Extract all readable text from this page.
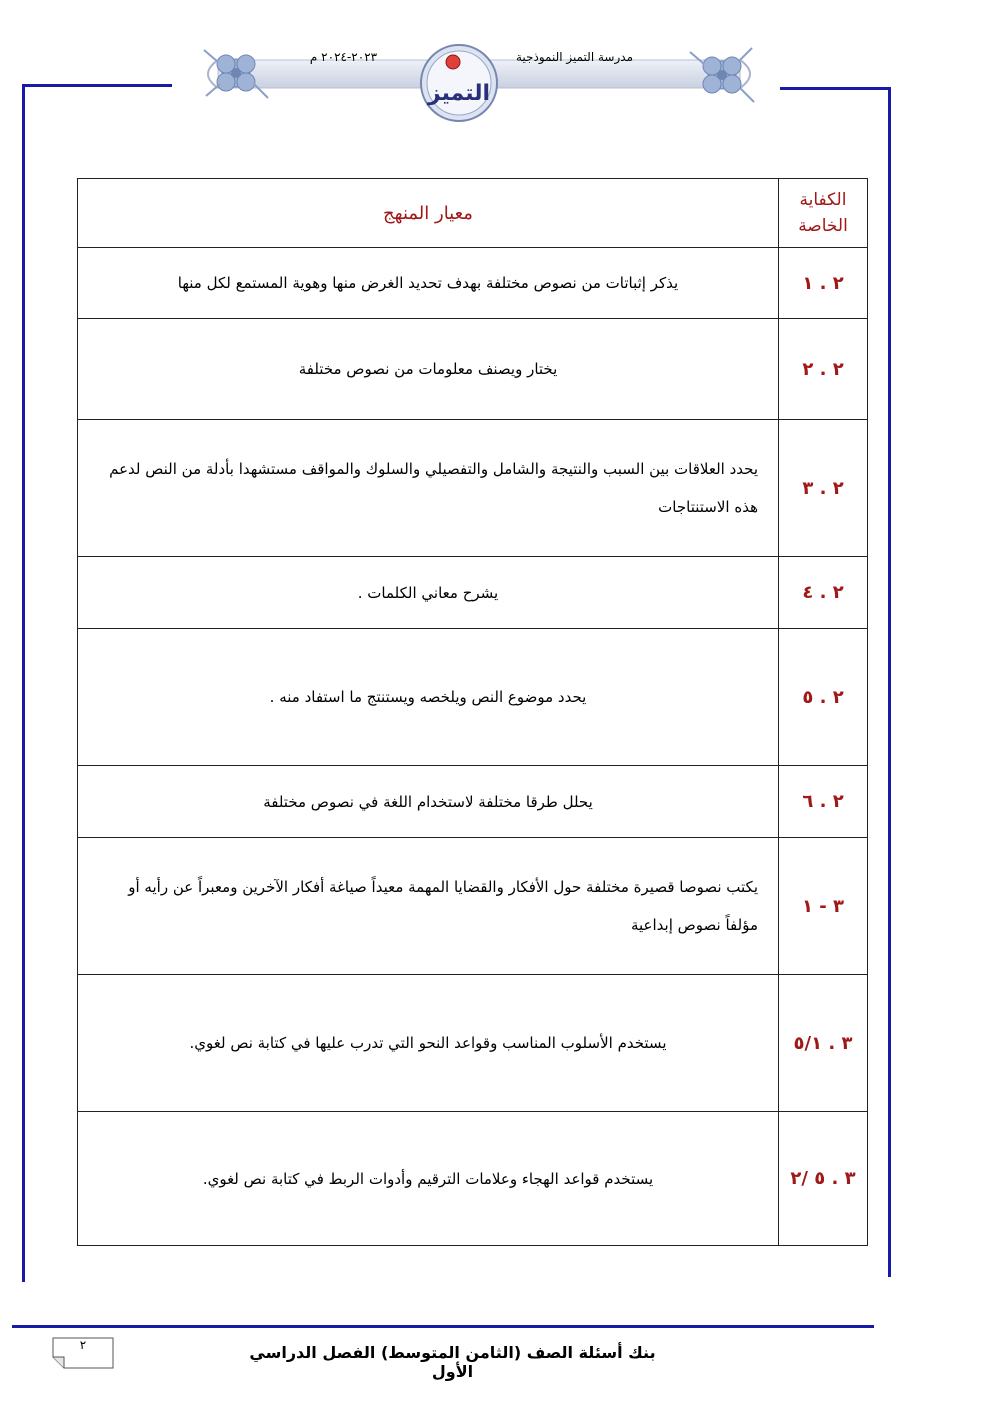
مدرسة التميز النموذجية
٢٠٢٣-٢٠٢٤ م
التميز
الكفاية الخاصة	معيار المنهج
٢ . ١	يذكر إثباتات من نصوص مختلفة بهدف تحديد الغرض منها وهوية المستمع لكل منها
٢ . ٢	يختار ويصنف معلومات من نصوص مختلفة
٢ . ٣	يحدد العلاقات بين السبب والنتيجة والشامل والتفصيلي والسلوك والمواقف مستشهدا بأدلة من النص لدعم هذه الاستنتاجات
٢ . ٤	يشرح معاني الكلمات .
٢ . ٥	يحدد موضوع النص ويلخصه ويستنتج ما استفاد منه .
٢ . ٦	يحلل طرقا مختلفة لاستخدام اللغة في نصوص مختلفة
٣ - ١	يكتب نصوصا قصيرة مختلفة حول الأفكار والقضايا المهمة معيداً صياغة أفكار الآخرين ومعبراً عن رأيه أو مؤلفاً نصوص إبداعية
٣ . ٥/١	يستخدم الأسلوب المناسب وقواعد النحو التي تدرب عليها في كتابة نص لغوي.
٣ . ٥ /٢	يستخدم قواعد الهجاء وعلامات الترقيم وأدوات الربط في كتابة نص لغوي.
٢	بنك أسئلة الصف (الثامن المتوسط) الفصل الدراسي الأول
